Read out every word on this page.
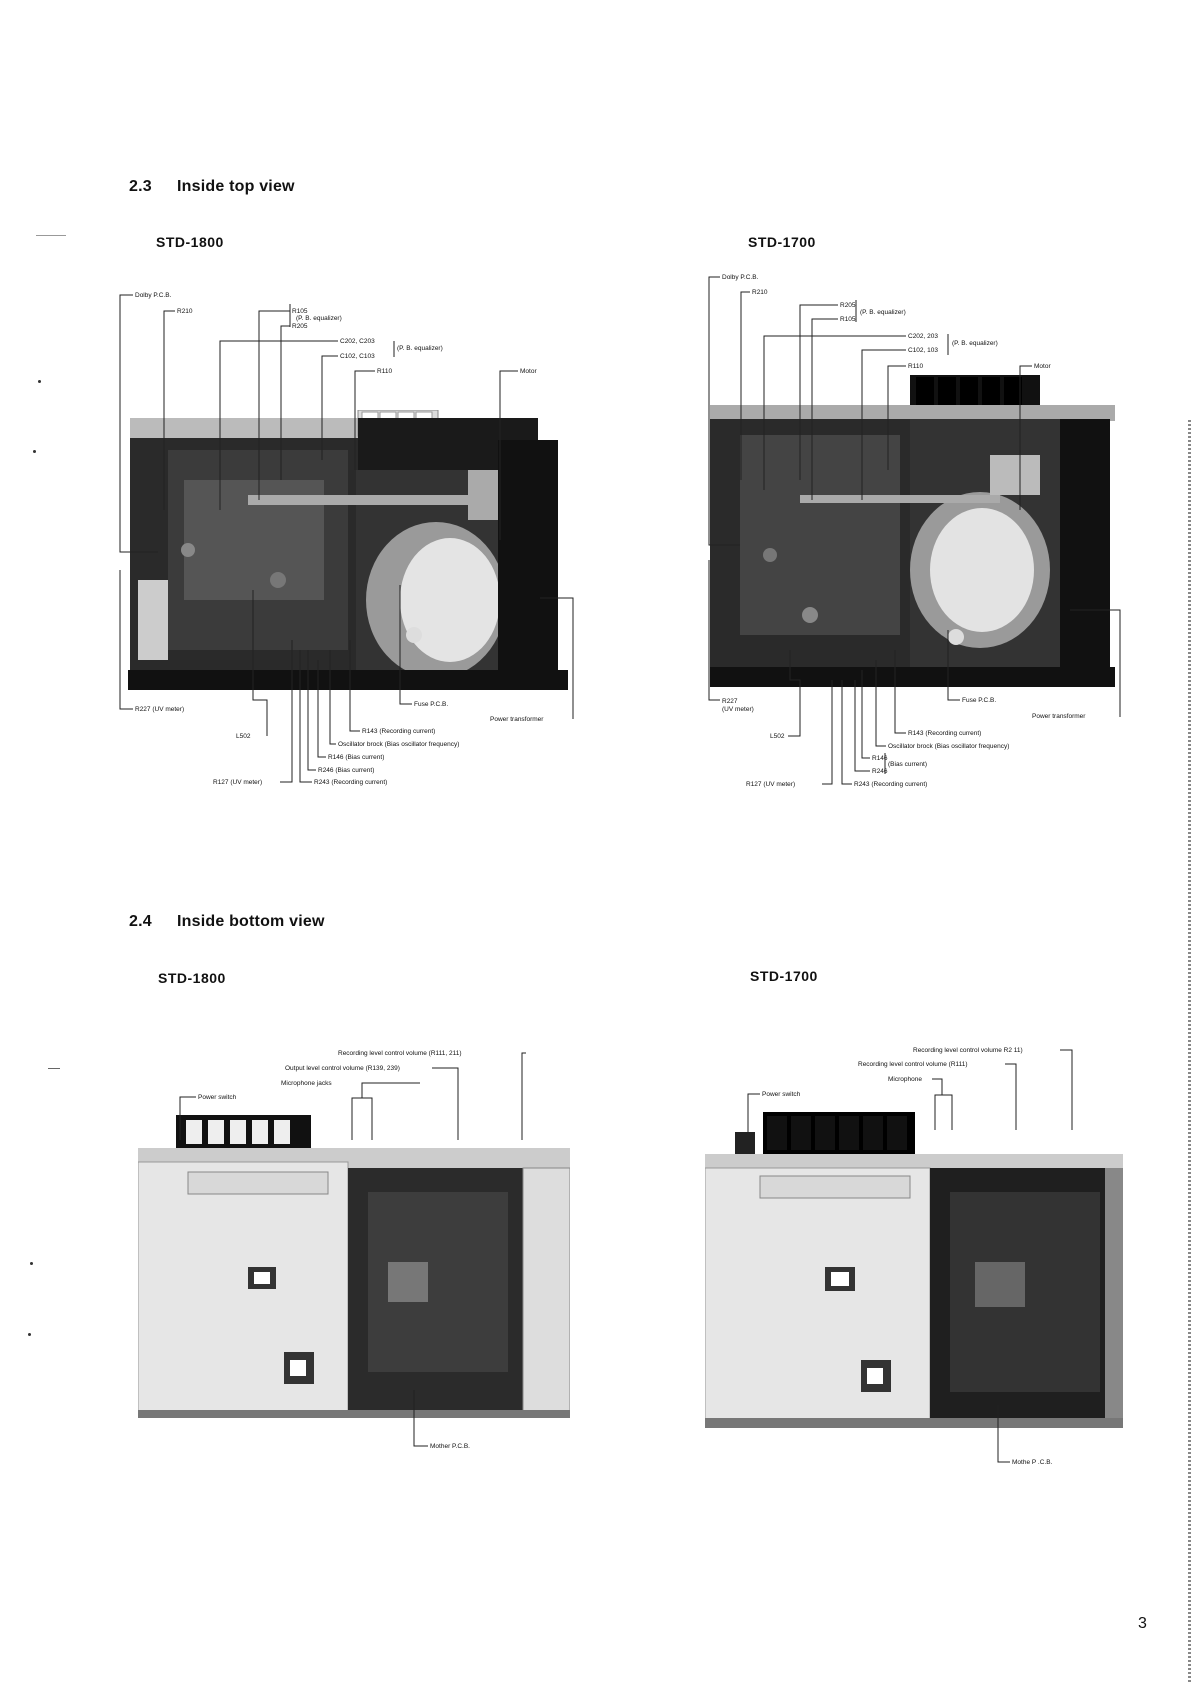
2.3 Inside top view
STD-1800	STD-1700
Dolby P.C.B.
R210	R105
R205
(P. B. equalizer)
C202, C203
C102, C103
(P. B. equalizer)
R110	Motor
R227 (UV meter)
Fuse P.C.B.
Power transformer
R143 (Recording current)
L502
Oscillator brock (Bias oscillator frequency)
R146 (Bias current)
R246 (Bias current)
R127 (UV meter)	R243 (Recording current)
Dolby P.C.B.
R210
R205
R105
(P. B. equalizer)
C202, 203
C102, 103
(P. B. equalizer)
R110	Motor
R227
(UV meter)
Fuse P.C.B.
Power transformer
R143 (Recording current)
L502
Oscillator brock (Bias oscillator frequency)
R146
(Bias current)
R246
R127 (UV meter)	R243 (Recording current)
2.4 Inside bottom view
STD-1800	STD-1700
Recording level control volume (R111, 211)
Output level control volume (R139, 239)
Microphone jacks
Power switch
Mother P.C.B.
Recording level control volume R2 11)
Recording level control volume (R111)
Microphone
Power switch
Mothe P .C.B.
3
